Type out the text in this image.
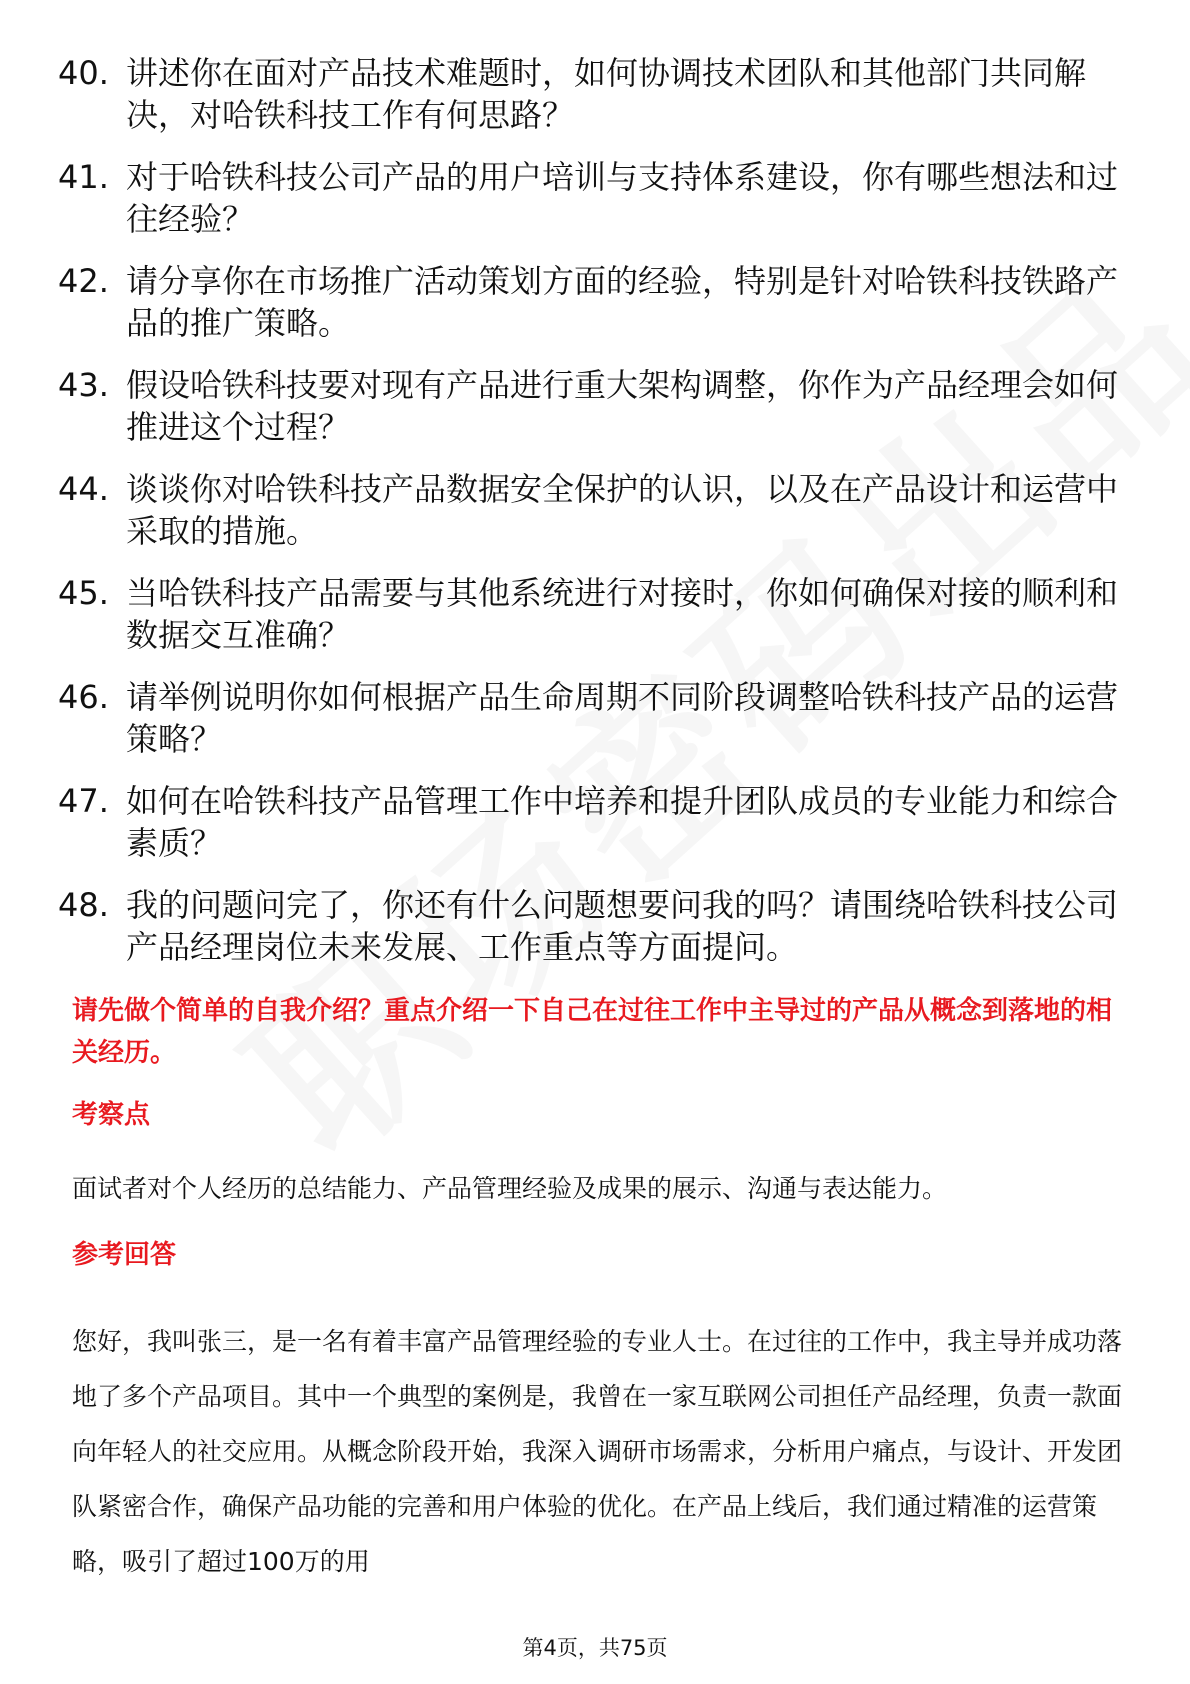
40. 讲述你在面对产品技术难题时，如何协调技术团队和其他部门共同解决，对哈铁科技工作有何思路？
41. 对于哈铁科技公司产品的用户培训与支持体系建设，你有哪些想法和过往经验？
42. 请分享你在市场推广活动策划方面的经验，特别是针对哈铁科技铁路产品的推广策略。
43. 假设哈铁科技要对现有产品进行重大架构调整，你作为产品经理会如何推进这个过程？
44. 谈谈你对哈铁科技产品数据安全保护的认识，以及在产品设计和运营中采取的措施。
45. 当哈铁科技产品需要与其他系统进行对接时，你如何确保对接的顺利和数据交互准确？
46. 请举例说明你如何根据产品生命周期不同阶段调整哈铁科技产品的运营策略？
47. 如何在哈铁科技产品管理工作中培养和提升团队成员的专业能力和综合素质？
48. 我的问题问完了，你还有什么问题想要问我的吗？请围绕哈铁科技公司产品经理岗位未来发展、工作重点等方面提问。
请先做个简单的自我介绍？重点介绍一下自己在过往工作中主导过的产品从概念到落地的相关经历。
考察点
面试者对个人经历的总结能力、产品管理经验及成果的展示、沟通与表达能力。
参考回答
您好，我叫张三，是一名有着丰富产品管理经验的专业人士。在过往的工作中，我主导并成功落地了多个产品项目。其中一个典型的案例是，我曾在一家互联网公司担任产品经理，负责一款面向年轻人的社交应用。从概念阶段开始，我深入调研市场需求，分析用户痛点，与设计、开发团队紧密合作，确保产品功能的完善和用户体验的优化。在产品上线后，我们通过精准的运营策略，吸引了超过100万的用
第4页，共75页
